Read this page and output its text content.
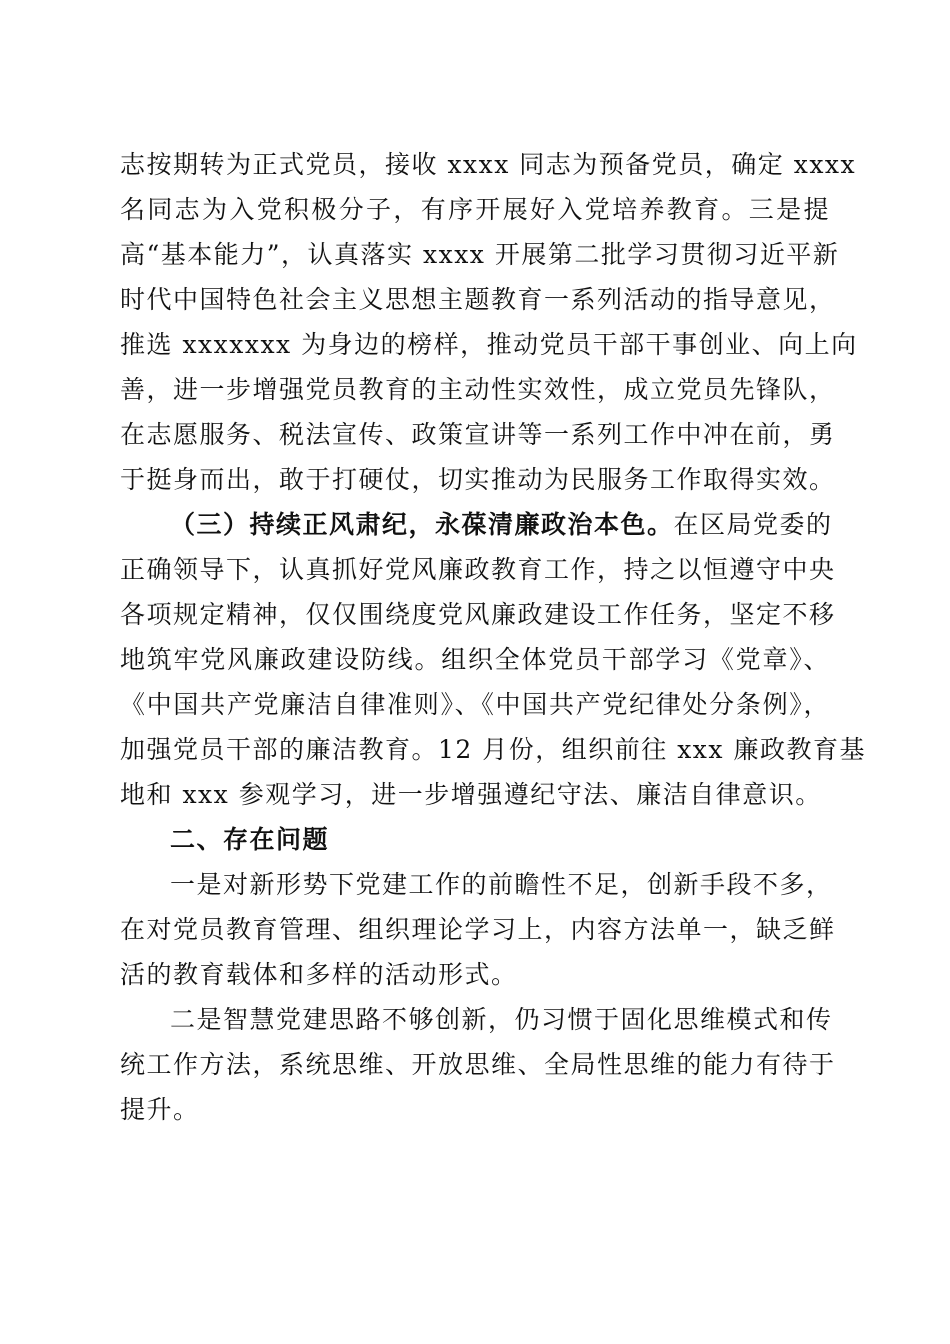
志按期转为正式党员，接收 xxxx 同志为预备党员，确定 xxxx
名同志为入党积极分子，有序开展好入党培养教育。三是提
高“基本能力”，认真落实 xxxx 开展第二批学习贯彻习近平新
时代中国特色社会主义思想主题教育一系列活动的指导意见，
推选 xxxxxxx 为身边的榜样，推动党员干部干事创业、向上向
善，进一步增强党员教育的主动性实效性，成立党员先锋队，
在志愿服务、税法宣传、政策宣讲等一系列工作中冲在前，勇
于挺身而出，敢于打硬仗，切实推动为民服务工作取得实效。
（三）持续正风肃纪，永葆清廉政治本色。在区局党委的
正确领导下，认真抓好党风廉政教育工作，持之以恒遵守中央
各项规定精神，仅仅围绕度党风廉政建设工作任务，坚定不移
地筑牢党风廉政建设防线。组织全体党员干部学习《党章》、
《中国共产党廉洁自律准则》、《中国共产党纪律处分条例》，
加强党员干部的廉洁教育。12 月份，组织前往 xxx 廉政教育基
地和 xxx 参观学习，进一步增强遵纪守法、廉洁自律意识。
二、存在问题
一是对新形势下党建工作的前瞻性不足，创新手段不多，
在对党员教育管理、组织理论学习上，内容方法单一，缺乏鲜
活的教育载体和多样的活动形式。
二是智慧党建思路不够创新，仍习惯于固化思维模式和传
统工作方法，系统思维、开放思维、全局性思维的能力有待于
提升。
